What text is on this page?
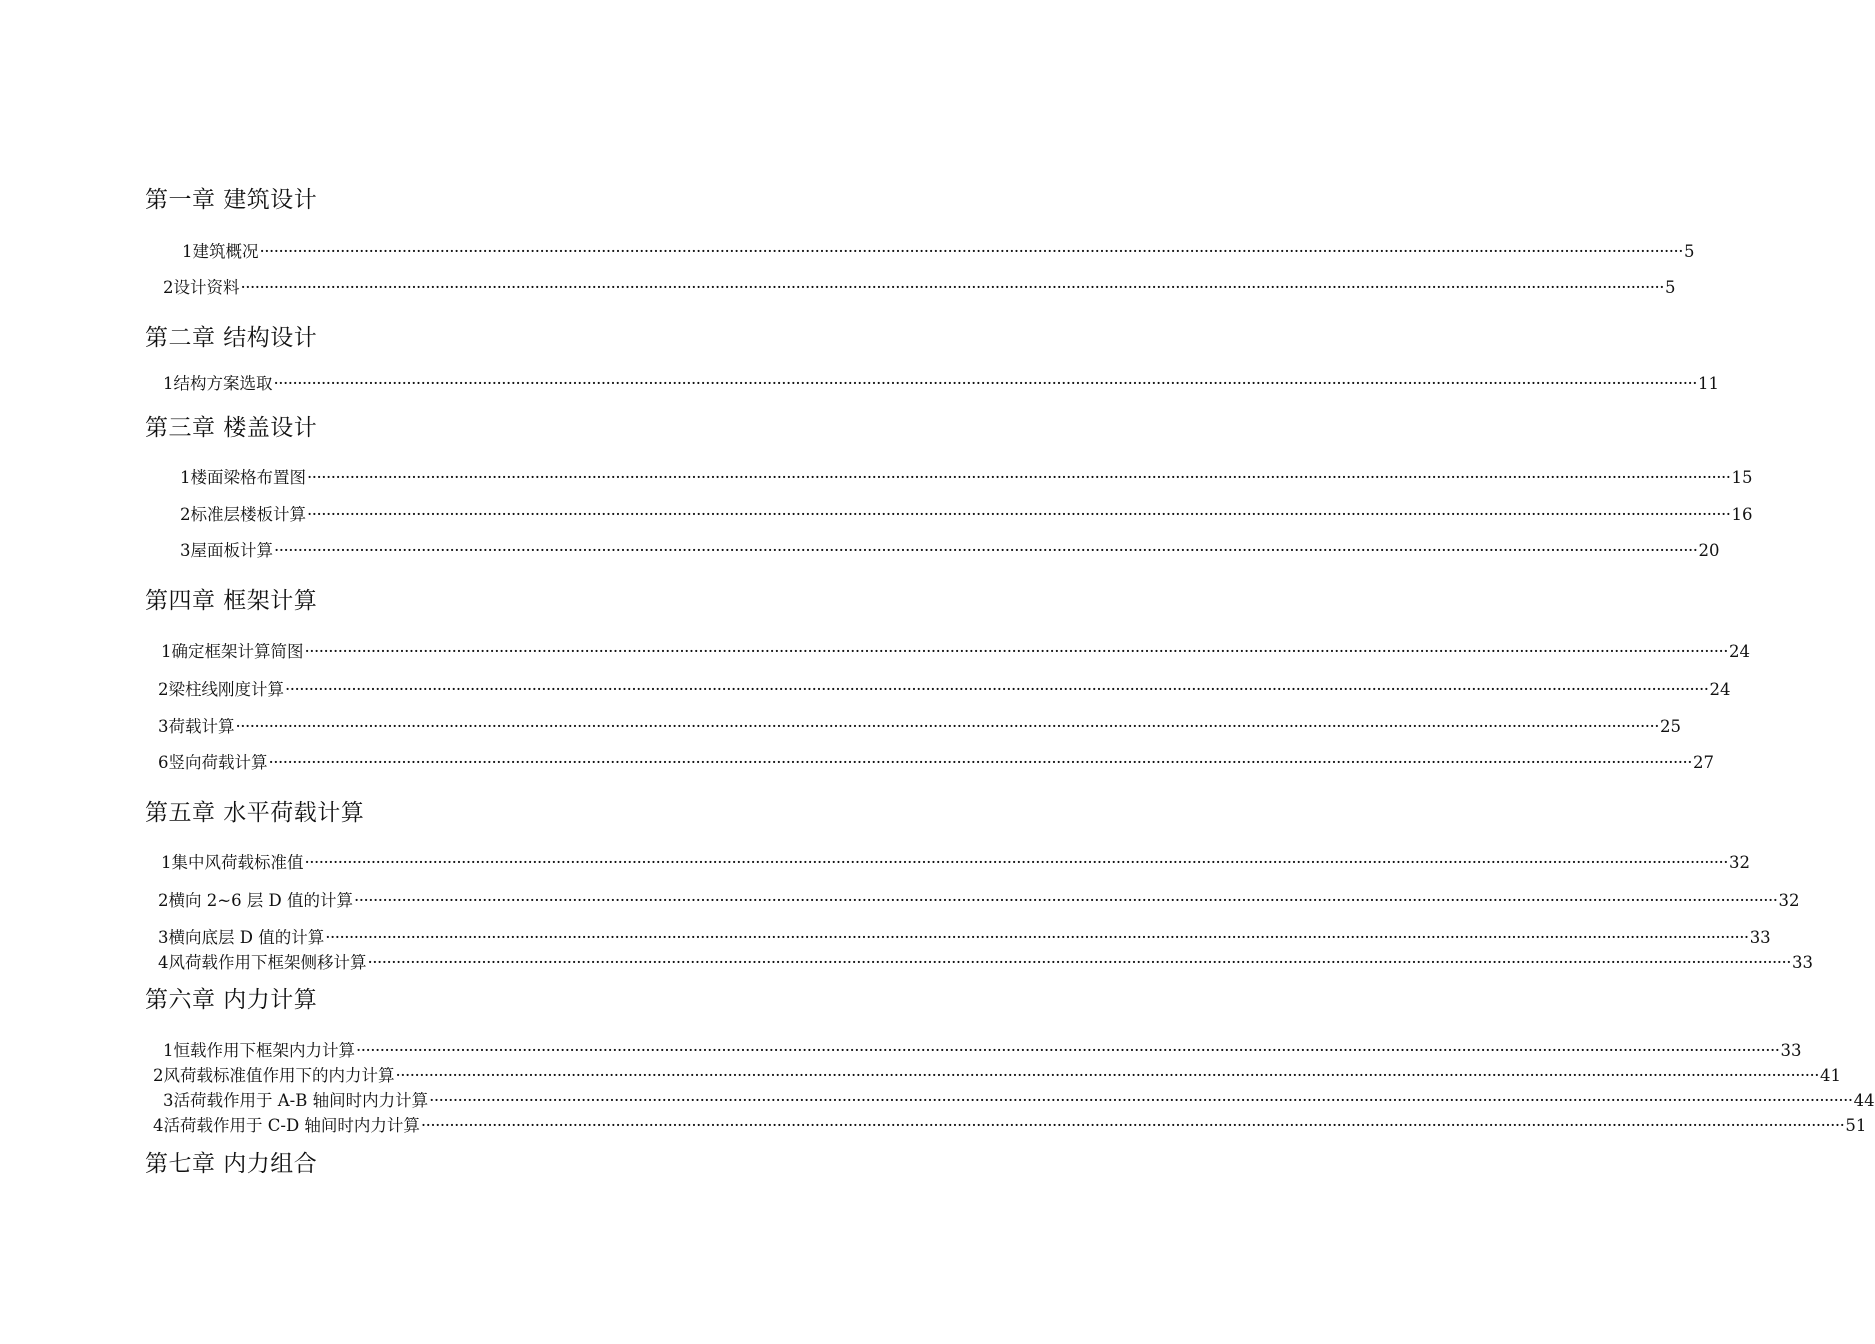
第一章 建筑设计
第二章 结构设计
第三章 楼盖设计
第四章 框架计算
第五章 水平荷载计算
第六章 内力计算
第七章 内力组合
1 建筑概况 ············································································································································································································································································································ 5
2 设计资料 ············································································································································································································································································································ 5
1 结构方案选取 ············································································································································································································································································································ 11
1 楼面梁格布置图 ············································································································································································································································································································ 15
2 标准层楼板计算 ············································································································································································································································································································ 16
3 屋面板计算 ············································································································································································································································································································ 20
1 确定框架计算简图 ············································································································································································································································································································ 24
2 梁柱线刚度计算 ············································································································································································································································································································ 24
3 荷载计算 ············································································································································································································································································································ 25
6 竖向荷载计算 ············································································································································································································································································································ 27
1 集中风荷载标准值 ············································································································································································································································································································ 32
2 横向 2~6 层 D 值的计算 ············································································································································································································································································································ 32
3 横向底层 D 值的计算 ············································································································································································································································································································ 33
4 风荷载作用下框架侧移计算 ············································································································································································································································································································ 33
1 恒载作用下框架内力计算 ············································································································································································································································································································ 33
2 风荷载标准值作用下的内力计算 ············································································································································································································································································································ 41
3 活荷载作用于 A-B 轴间时内力计算 ············································································································································································································································································································ 44
4 活荷载作用于 C-D 轴间时内力计算 ············································································································································································································································································································ 51
